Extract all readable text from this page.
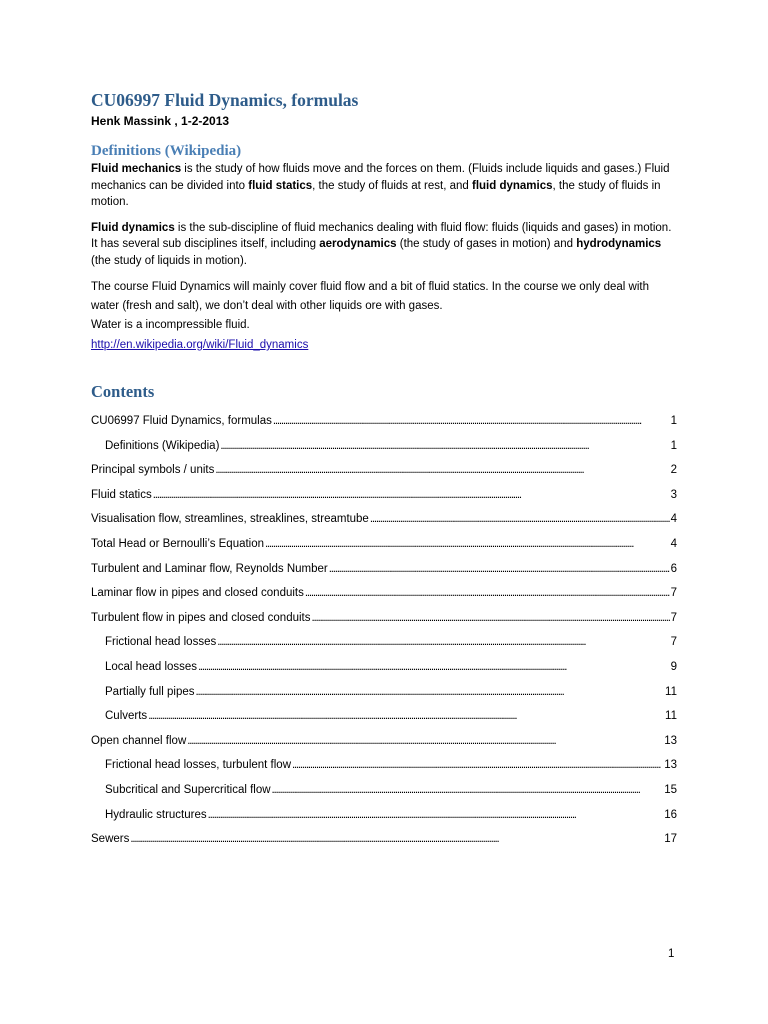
CU06997 Fluid Dynamics, formulas
Henk Massink , 1-2-2013
Definitions (Wikipedia)

Fluid mechanics is the study of how fluids move and the forces on them. (Fluids include liquids and gases.) Fluid mechanics can be divided into fluid statics, the study of fluids at rest, and fluid dynamics, the study of fluids in motion.

Fluid dynamics is the sub-discipline of fluid mechanics dealing with fluid flow: fluids (liquids and gases) in motion. It has several sub disciplines itself, including aerodynamics (the study of gases in motion) and hydrodynamics (the study of liquids in motion).

The course Fluid Dynamics will mainly cover fluid flow and a bit of fluid statics. In the course we only deal with water (fresh and salt), we don’t deal with other liquids ore with gases.
Water is a incompressible fluid.

http://en.wikipedia.org/wiki/Fluid_dynamics
Contents
CU06997 Fluid Dynamics, formulas . . .	1
Definitions (Wikipedia) . . .	1
Principal symbols / units . . .	2
Fluid statics . . .	3
Visualisation flow, streamlines, streaklines, streamtube . . .	4
Total Head or Bernoulli’s Equation . . .	4
Turbulent and Laminar flow, Reynolds Number . . .	6
Laminar flow in pipes and closed conduits . . .	7
Turbulent flow in pipes and closed conduits . . .	7
Frictional head losses . . .	7
Local head losses . . .	9
Partially full pipes . . .	11
Culverts . . .	11
Open channel flow . . .	13
Frictional head losses, turbulent flow . . .	13
Subcritical and Supercritical flow . . .	15
Hydraulic structures . . .	16
Sewers . . .	17
1
